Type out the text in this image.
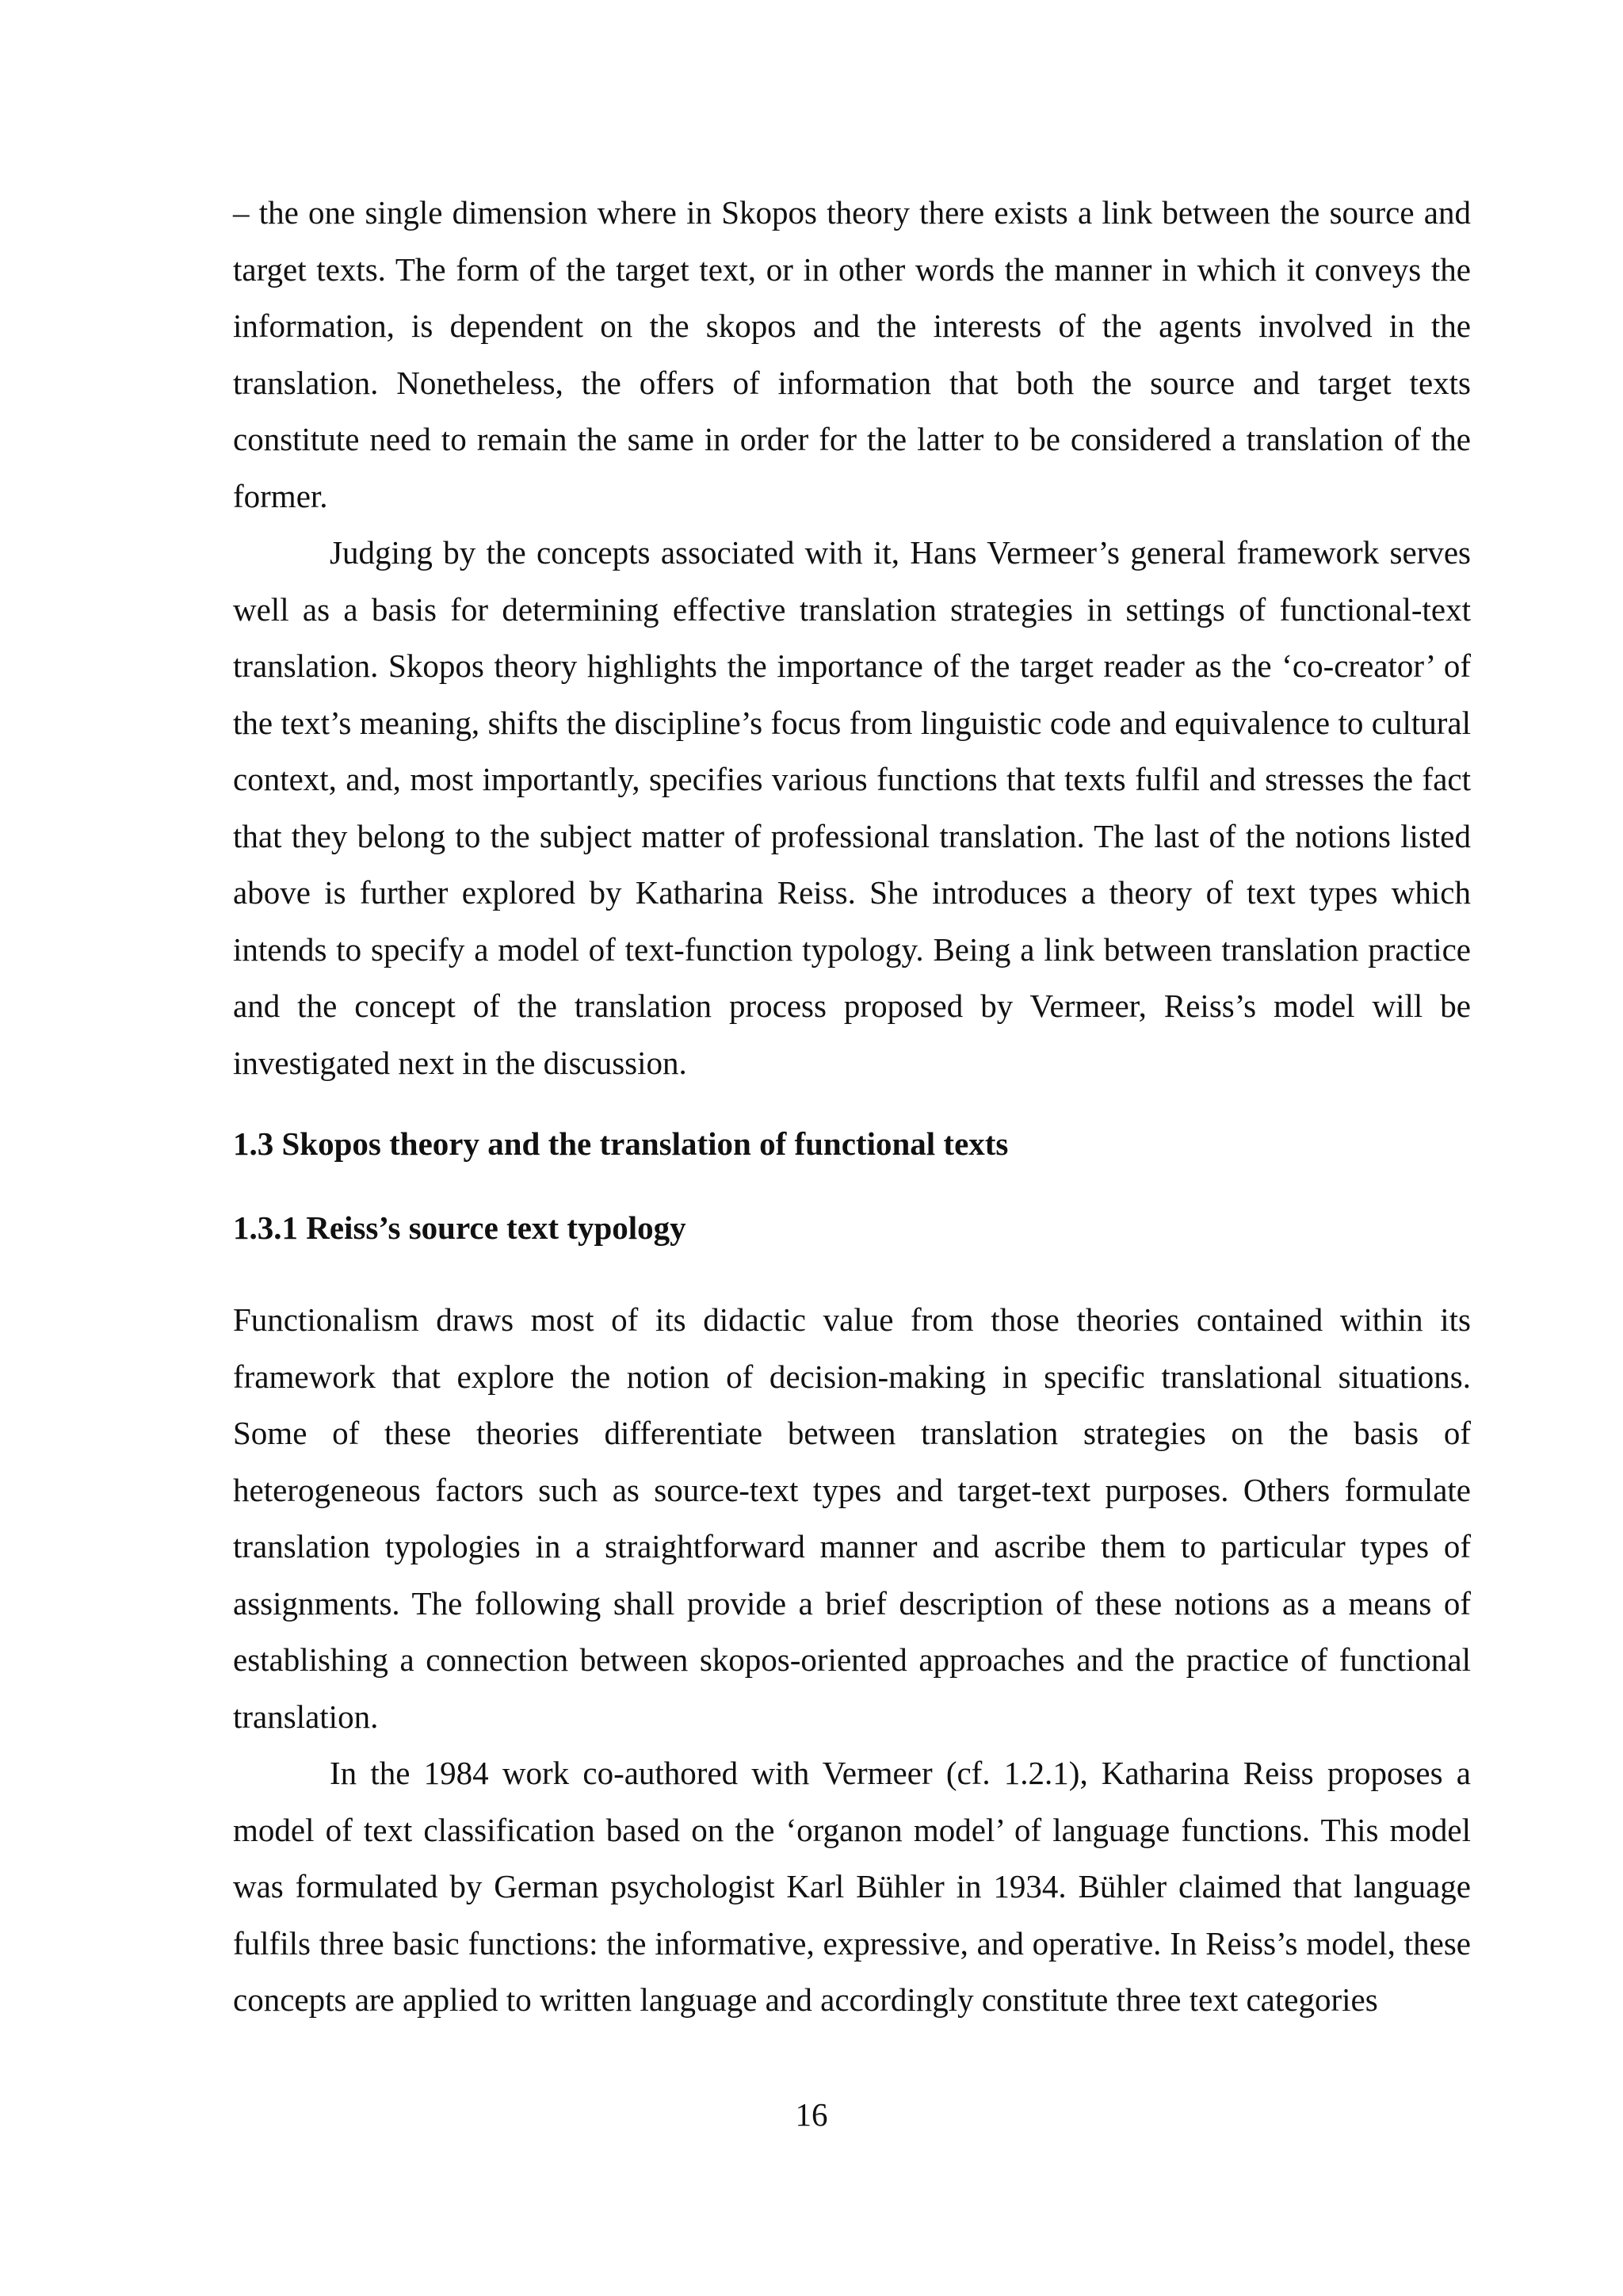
– the one single dimension where in Skopos theory there exists a link between the source and target texts. The form of the target text, or in other words the manner in which it conveys the information, is dependent on the skopos and the interests of the agents involved in the translation. Nonetheless, the offers of information that both the source and target texts constitute need to remain the same in order for the latter to be considered a translation of the former.

Judging by the concepts associated with it, Hans Vermeer’s general framework serves well as a basis for determining effective translation strategies in settings of functional-text translation. Skopos theory highlights the importance of the target reader as the ‘co-creator’ of the text’s meaning, shifts the discipline’s focus from linguistic code and equivalence to cultural context, and, most importantly, specifies various functions that texts fulfil and stresses the fact that they belong to the subject matter of professional translation. The last of the notions listed above is further explored by Katharina Reiss. She introduces a theory of text types which intends to specify a model of text-function typology. Being a link between translation practice and the concept of the translation process proposed by Vermeer, Reiss’s model will be investigated next in the discussion.

1.3 Skopos theory and the translation of functional texts
1.3.1 Reiss’s source text typology

Functionalism draws most of its didactic value from those theories contained within its framework that explore the notion of decision-making in specific translational situations. Some of these theories differentiate between translation strategies on the basis of heterogeneous factors such as source-text types and target-text purposes. Others formulate translation typologies in a straightforward manner and ascribe them to particular types of assignments. The following shall provide a brief description of these notions as a means of establishing a connection between skopos-oriented approaches and the practice of functional translation.

In the 1984 work co-authored with Vermeer (cf. 1.2.1), Katharina Reiss proposes a model of text classification based on the ‘organon model’ of language functions. This model was formulated by German psychologist Karl Bühler in 1934. Bühler claimed that language fulfils three basic functions: the informative, expressive, and operative. In Reiss’s model, these concepts are applied to written language and accordingly constitute three text categories

16
